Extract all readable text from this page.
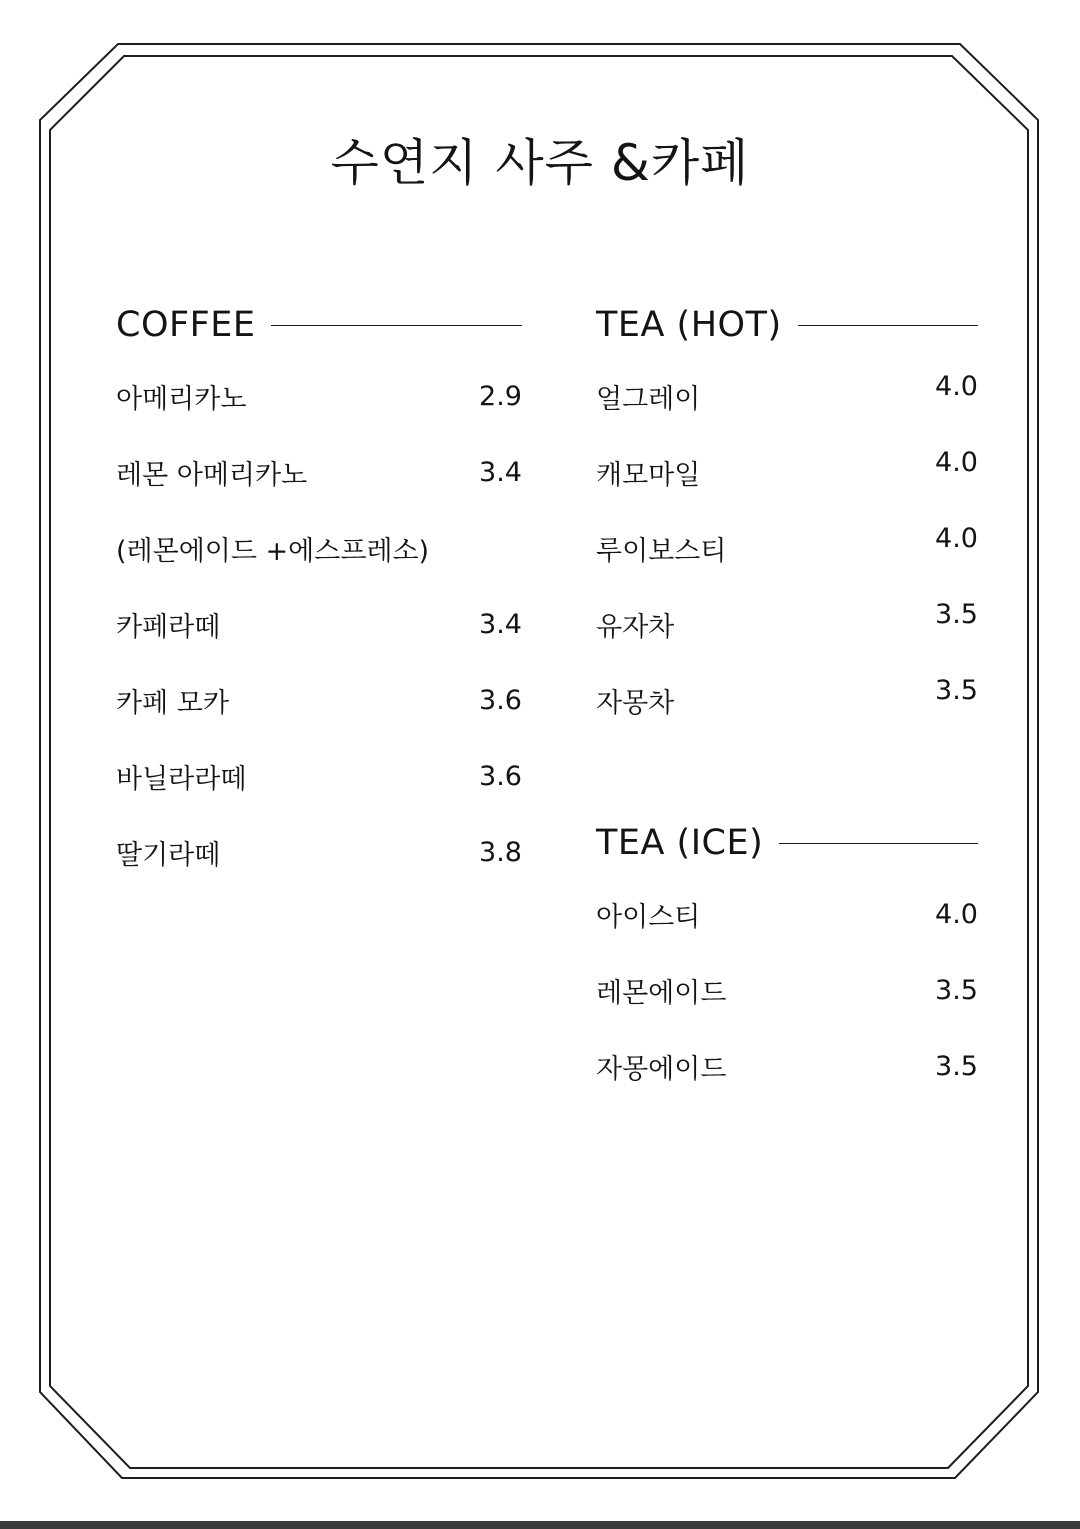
수연지 사주 &카페
COFFEE
아메리카노	2.9
레몬 아메리카노	3.4
(레몬에이드 +에스프레소)
카페라떼	3.4
카페 모카	3.6
바닐라라떼	3.6
딸기라떼	3.8
TEA (HOT)
얼그레이	4.0
캐모마일	4.0
루이보스티	4.0
유자차	3.5
자몽차	3.5
TEA (ICE)
아이스티	4.0
레몬에이드	3.5
자몽에이드	3.5
